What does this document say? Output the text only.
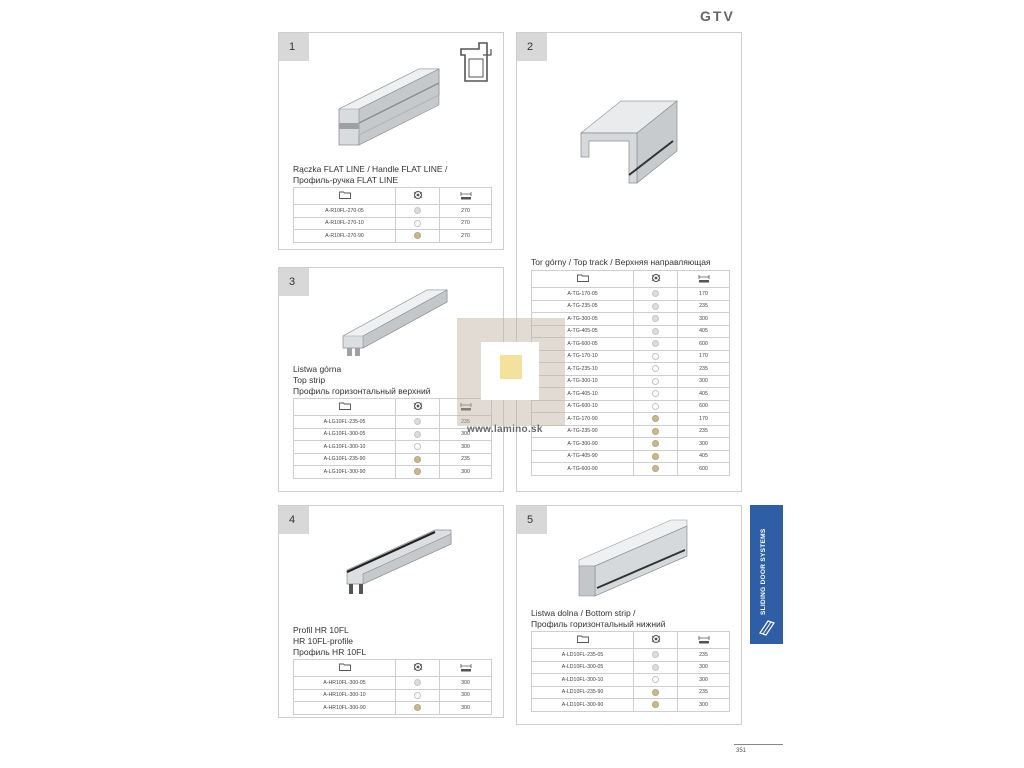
GTV
1
Rączka FLAT LINE / Handle FLAT LINE /
Профиль-ручка FLAT LINE

A-R10FL-270-05		270
A-R10FL-270-10		270
A-R10FL-270-90		270
2
Tor górny / Top track / Верхняя направляющая

A-TG-170-05		170
A-TG-235-05		235
A-TG-300-05		300
A-TG-405-05		405
A-TG-600-05		600
A-TG-170-10		170
A-TG-235-10		235
A-TG-300-10		300
A-TG-405-10		405
A-TG-600-10		600
A-TG-170-90		170
A-TG-235-90		235
A-TG-300-90		300
A-TG-405-90		405
A-TG-600-90		600
3
Listwa górna
Top strip
Профиль горизонтальный верхний

A-LG10FL-235-05		235
A-LG10FL-300-05		300
A-LG10FL-300-10		300
A-LG10FL-235-90		235
A-LG10FL-300-90		300
4
Profil HR 10FL
HR 10FL-profile
Профиль HR 10FL

A-HR10FL-300-05		300
A-HR10FL-300-10		300
A-HR10FL-300-90		300
5
Listwa dolna / Bottom strip /
Профиль горизонтальный нижний

A-LD10FL-235-05		235
A-LD10FL-300-05		300
A-LD10FL-300-10		300
A-LD10FL-235-90		235
A-LD10FL-300-90		300
www.lamino.sk
SLIDING DOOR SYSTEMS
351
